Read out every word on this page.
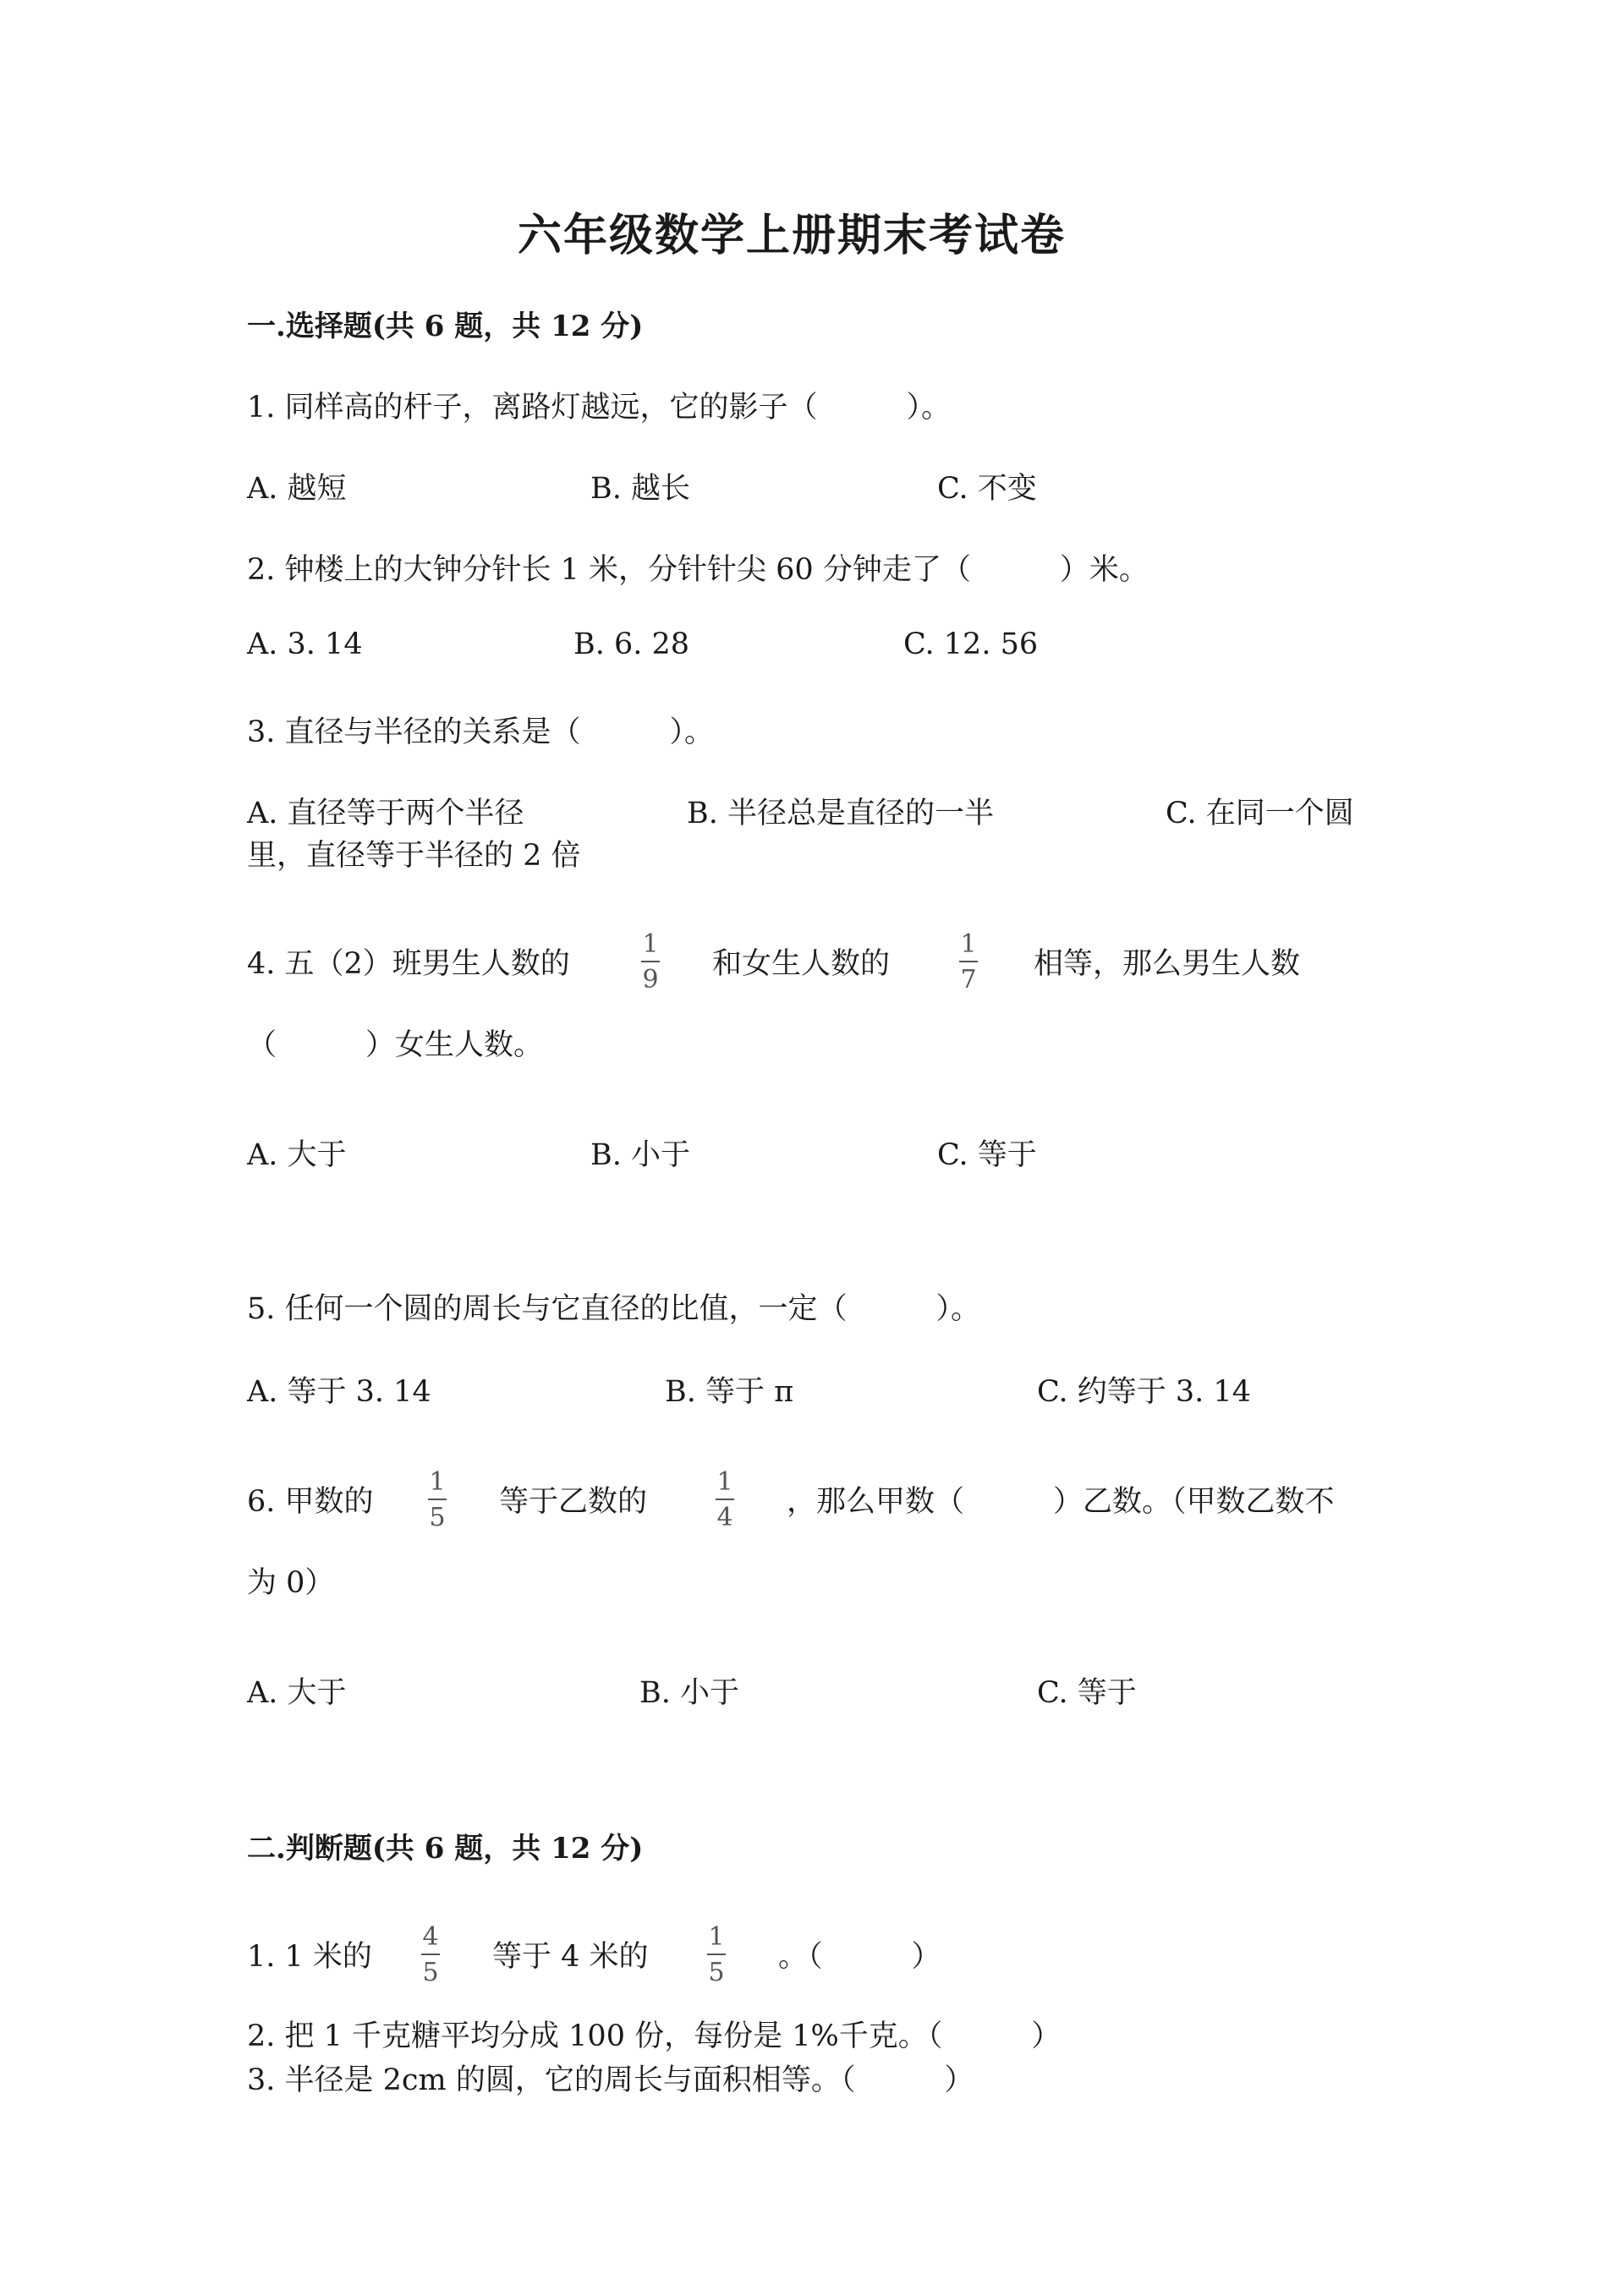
六年级数学上册期末考试卷
一.选择题(共 6 题，共 12 分)
1. 同样高的杆子，离路灯越远，它的影子（　　　）。
A. 越短	B. 越长	C. 不变
2. 钟楼上的大钟分针长 1 米，分针针尖 60 分钟走了（　　　）米。
A. 3. 14	B. 6. 28	C. 12. 56
3. 直径与半径的关系是（　　　）。
A. 直径等于两个半径	B. 半径总是直径的一半	C. 在同一个圆
里，直径等于半径的 2 倍
4. 五（2）班男生人数的
1
9 和女生人数的
1
7 相等，那么男生人数
（　　　）女生人数。
A. 大于	B. 小于	C. 等于
5. 任何一个圆的周长与它直径的比值，一定（　　　）。
A. 等于 3. 14	B. 等于 π	C. 约等于 3. 14
6. 甲数的
1
5 等于乙数的
1
4 ，那么甲数（　　　）乙数。（甲数乙数不
为 0）
A. 大于	B. 小于	C. 等于
二.判断题(共 6 题，共 12 分)
1. 1 米的
4
5 等于 4 米的
1
5 。（　　　）
2. 把 1 千克糖平均分成 100 份，每份是 1%千克。（　　　）
3. 半径是 2cm 的圆，它的周长与面积相等。（　　　）
